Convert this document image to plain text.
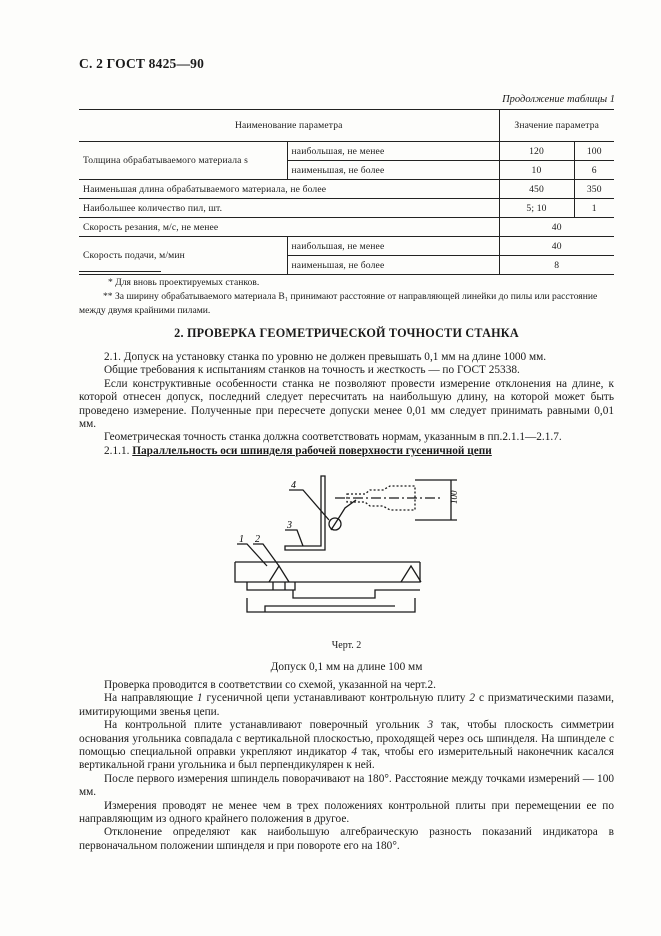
С. 2 ГОСТ 8425—90
Продолжение таблицы 1
Наименование параметра		Значение параметра	
Толщина обрабатываемого материала s	наибольшая, не менее	120	100
	наименьшая, не более	10	6
Наименьшая длина обрабатываемого материала, не более		450	350
Наибольшее количество пил, шт.		5; 10	1
Скорость резания, м/с, не менее		40	
Скорость подачи, м/мин	наибольшая, не менее	40	
	наименьшая, не более	8	

* Для вновь проектируемых станков.

** За ширину обрабатываемого материала B₁ принимают расстояние от направляющей линейки до пилы или расстояние между двумя крайними пилами.

2. ПРОВЕРКА ГЕОМЕТРИЧЕСКОЙ ТОЧНОСТИ СТАНКА

2.1. Допуск на установку станка по уровню не должен превышать 0,1 мм на длине 1000 мм.

Общие требования к испытаниям станков на точность и жесткость — по ГОСТ 25338.

Если конструктивные особенности станка не позволяют провести измерение отклонения на длине, к которой отнесен допуск, последний следует пересчитать на наибольшую длину, на которой может быть проведено измерение. Полученные при пересчете допуски менее 0,01 мм следует принимать равными 0,01 мм.

Геометрическая точность станка должна соответствовать нормам, указанным в пп.2.1.1—2.1.7.

2.1.1. Параллельность оси шпинделя рабочей поверхности гусеничной цепи

1 2
3
4
100
Черт. 2
Допуск 0,1 мм на длине 100 мм

Проверка проводится в соответствии со схемой, указанной на черт.2.

На направляющие 1 гусеничной цепи устанавливают контрольную плиту 2 с призматическими пазами, имитирующими звенья цепи.

На контрольной плите устанавливают поверочный угольник 3 так, чтобы плоскость симметрии основания угольника совпадала с вертикальной плоскостью, проходящей через ось шпинделя. На шпинделе с помощью специальной оправки укрепляют индикатор 4 так, чтобы его измерительный наконечник касался вертикальной грани угольника и был перпендикулярен к ней.

После первого измерения шпиндель поворачивают на 180°. Расстояние между точками измерений — 100 мм.

Измерения проводят не менее чем в трех положениях контрольной плиты при перемещении ее по направляющим из одного крайнего положения в другое.

Отклонение определяют как наибольшую алгебраическую разность показаний индикатора в первоначальном положении шпинделя и при повороте его на 180°.
